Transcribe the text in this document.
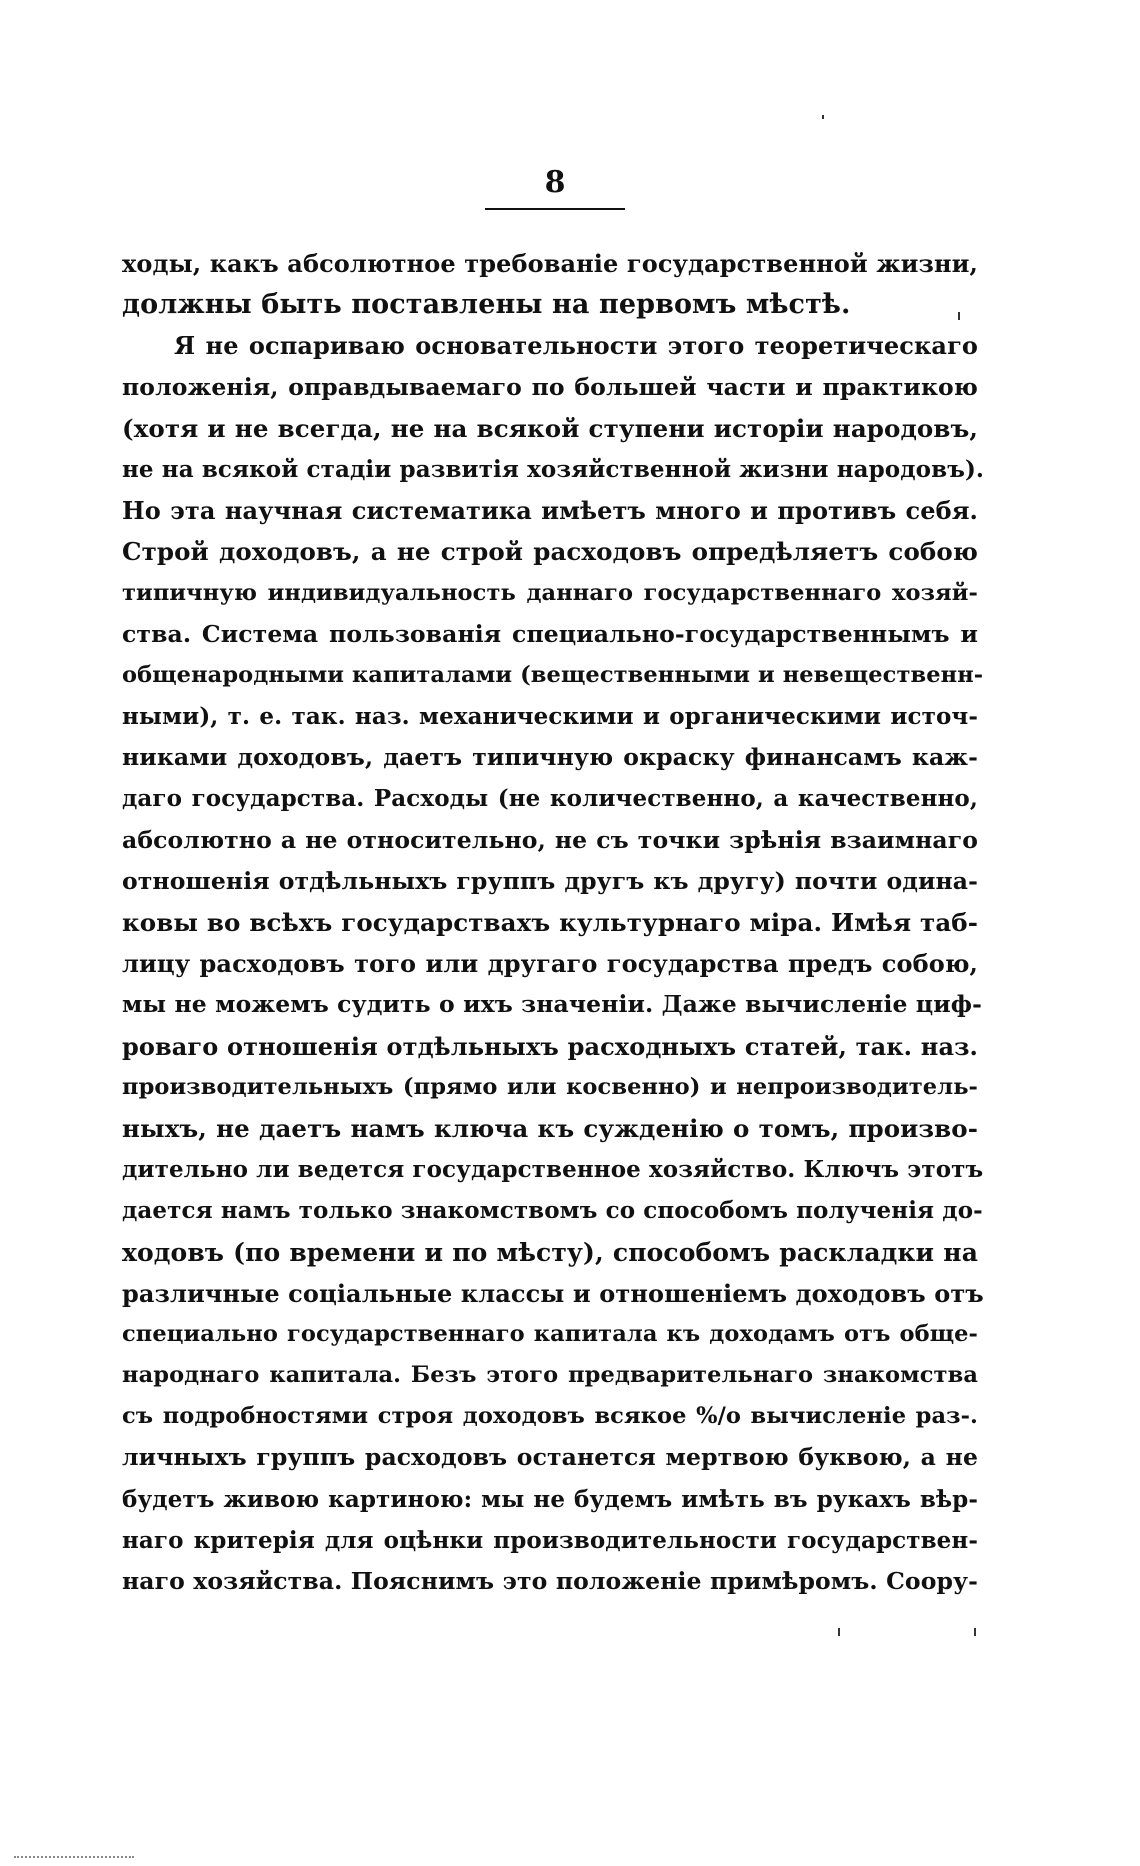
8
ходы, какъ абсолютное требованіе государственной жизни,
должны быть поставлены на первомъ мѣстѣ.
Я не оспариваю основательности этого теоретическаго
положенія, оправдываемаго по большей части и практикою
(хотя и не всегда, не на всякой ступени исторіи народовъ,
не на всякой стадіи развитія хозяйственной жизни народовъ).
Но эта научная систематика имѣетъ много и противъ себя.
Строй доходовъ, а не строй расходовъ опредѣляетъ собою
типичную индивидуальность даннаго государственнаго хозяй-
ства. Система пользованія специально-государственнымъ и
общенародными капиталами (вещественными и невещественн-
ными), т. е. так. наз. механическими и органическими источ-
никами доходовъ, даетъ типичную окраску финансамъ каж-
даго государства. Расходы (не количественно, а качественно,
абсолютно а не относительно, не съ точки зрѣнія взаимнаго
отношенія отдѣльныхъ группъ другъ къ другу) почти одина-
ковы во всѣхъ государствахъ культурнаго міра. Имѣя таб-
лицу расходовъ того или другаго государства предъ собою,
мы не можемъ судить о ихъ значеніи. Даже вычисленіе циф-
роваго отношенія отдѣльныхъ расходныхъ статей, так. наз.
производительныхъ (прямо или косвенно) и непроизводитель-
ныхъ, не даетъ намъ ключа къ сужденію о томъ, произво-
дительно ли ведется государственное хозяйство. Ключъ этотъ
дается намъ только знакомствомъ со способомъ полученія до-
ходовъ (по времени и по мѣсту), способомъ раскладки на
различные соціальные классы и отношеніемъ доходовъ отъ
специально государственнаго капитала къ доходамъ отъ обще-
народнаго капитала. Безъ этого предварительнаго знакомства
съ подробностями строя доходовъ всякое %/о вычисленіе раз-.
личныхъ группъ расходовъ останется мертвою буквою, а не
будетъ живою картиною: мы не будемъ имѣть въ рукахъ вѣр-
наго критерія для оцѣнки производительности государствен-
наго хозяйства. Пояснимъ это положеніе примѣромъ. Соору-
